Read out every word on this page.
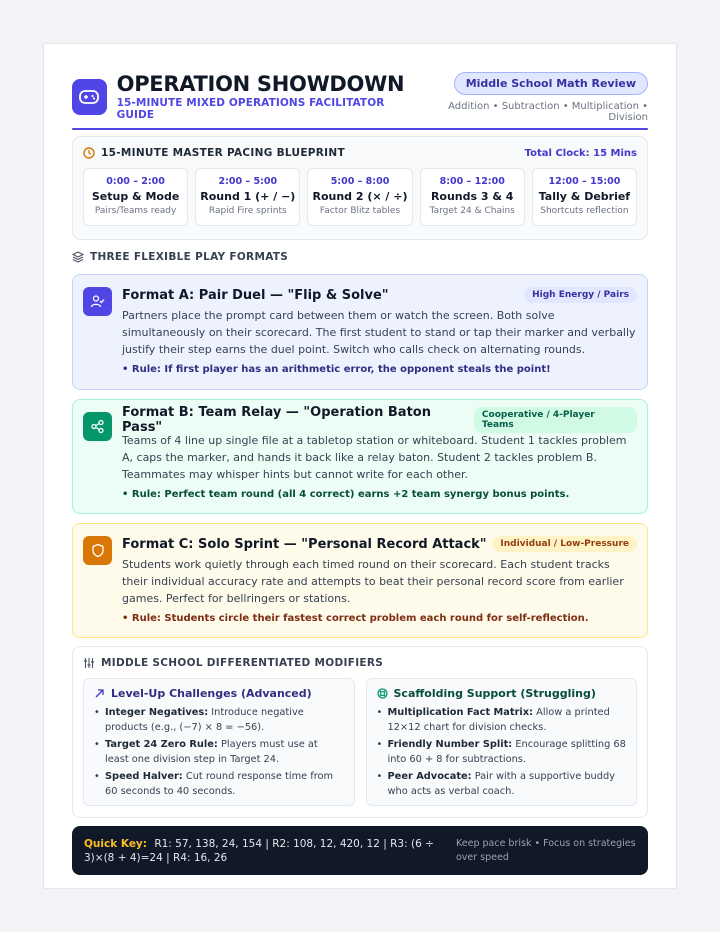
OPERATION SHOWDOWN
15-MINUTE MIXED OPERATIONS FACILITATOR GUIDE
Middle School Math Review
Addition • Subtraction • Multiplication • Division
15-MINUTE MASTER PACING BLUEPRINT	Total Clock: 15 Mins
0:00 – 2:00
Setup & Mode
Pairs/Teams ready
2:00 – 5:00
Round 1 (+ / −)
Rapid Fire sprints
5:00 – 8:00
Round 2 (× / ÷)
Factor Blitz tables
8:00 – 12:00
Rounds 3 & 4
Target 24 & Chains
12:00 – 15:00
Tally & Debrief
Shortcuts reflection
THREE FLEXIBLE PLAY FORMATS
Format A: Pair Duel — "Flip & Solve"	High Energy / Pairs
Partners place the prompt card between them or watch the screen. Both solve simultaneously on their scorecard. The first student to stand or tap their marker and verbally justify their step earns the duel point. Switch who calls check on alternating rounds.
• Rule: If first player has an arithmetic error, the opponent steals the point!
Format B: Team Relay — "Operation Baton Pass"
Cooperative / 4-Player Teams
Teams of 4 line up single file at a tabletop station or whiteboard. Student 1 tackles problem A, caps the marker, and hands it back like a relay baton. Student 2 tackles problem B. Teammates may whisper hints but cannot write for each other.
• Rule: Perfect team round (all 4 correct) earns +2 team synergy bonus points.
Format C: Solo Sprint — "Personal Record Attack"	Individual / Low-Pressure
Students work quietly through each timed round on their scorecard. Each student tracks their individual accuracy rate and attempts to beat their personal record score from earlier games. Perfect for bellringers or stations.
• Rule: Students circle their fastest correct problem each round for self-reflection.
MIDDLE SCHOOL DIFFERENTIATED MODIFIERS
Level-Up Challenges (Advanced)
• Integer Negatives: Introduce negative products (e.g., (−7) × 8 = −56).
• Target 24 Zero Rule: Players must use at least one division step in Target 24.
• Speed Halver: Cut round response time from 60 seconds to 40 seconds.
Scaffolding Support (Struggling)
• Multiplication Fact Matrix: Allow a printed 12×12 chart for division checks.
• Friendly Number Split: Encourage splitting 68 into 60 + 8 for subtractions.
• Peer Advocate: Pair with a supportive buddy who acts as verbal coach.
Quick Key: R1: 57, 138, 24, 154 | R2: 108, 12, 420, 12 | R3: (6 ÷ 3)×(8 + 4)=24 | R4: 16, 26
Keep pace brisk • Focus on strategies over speed
